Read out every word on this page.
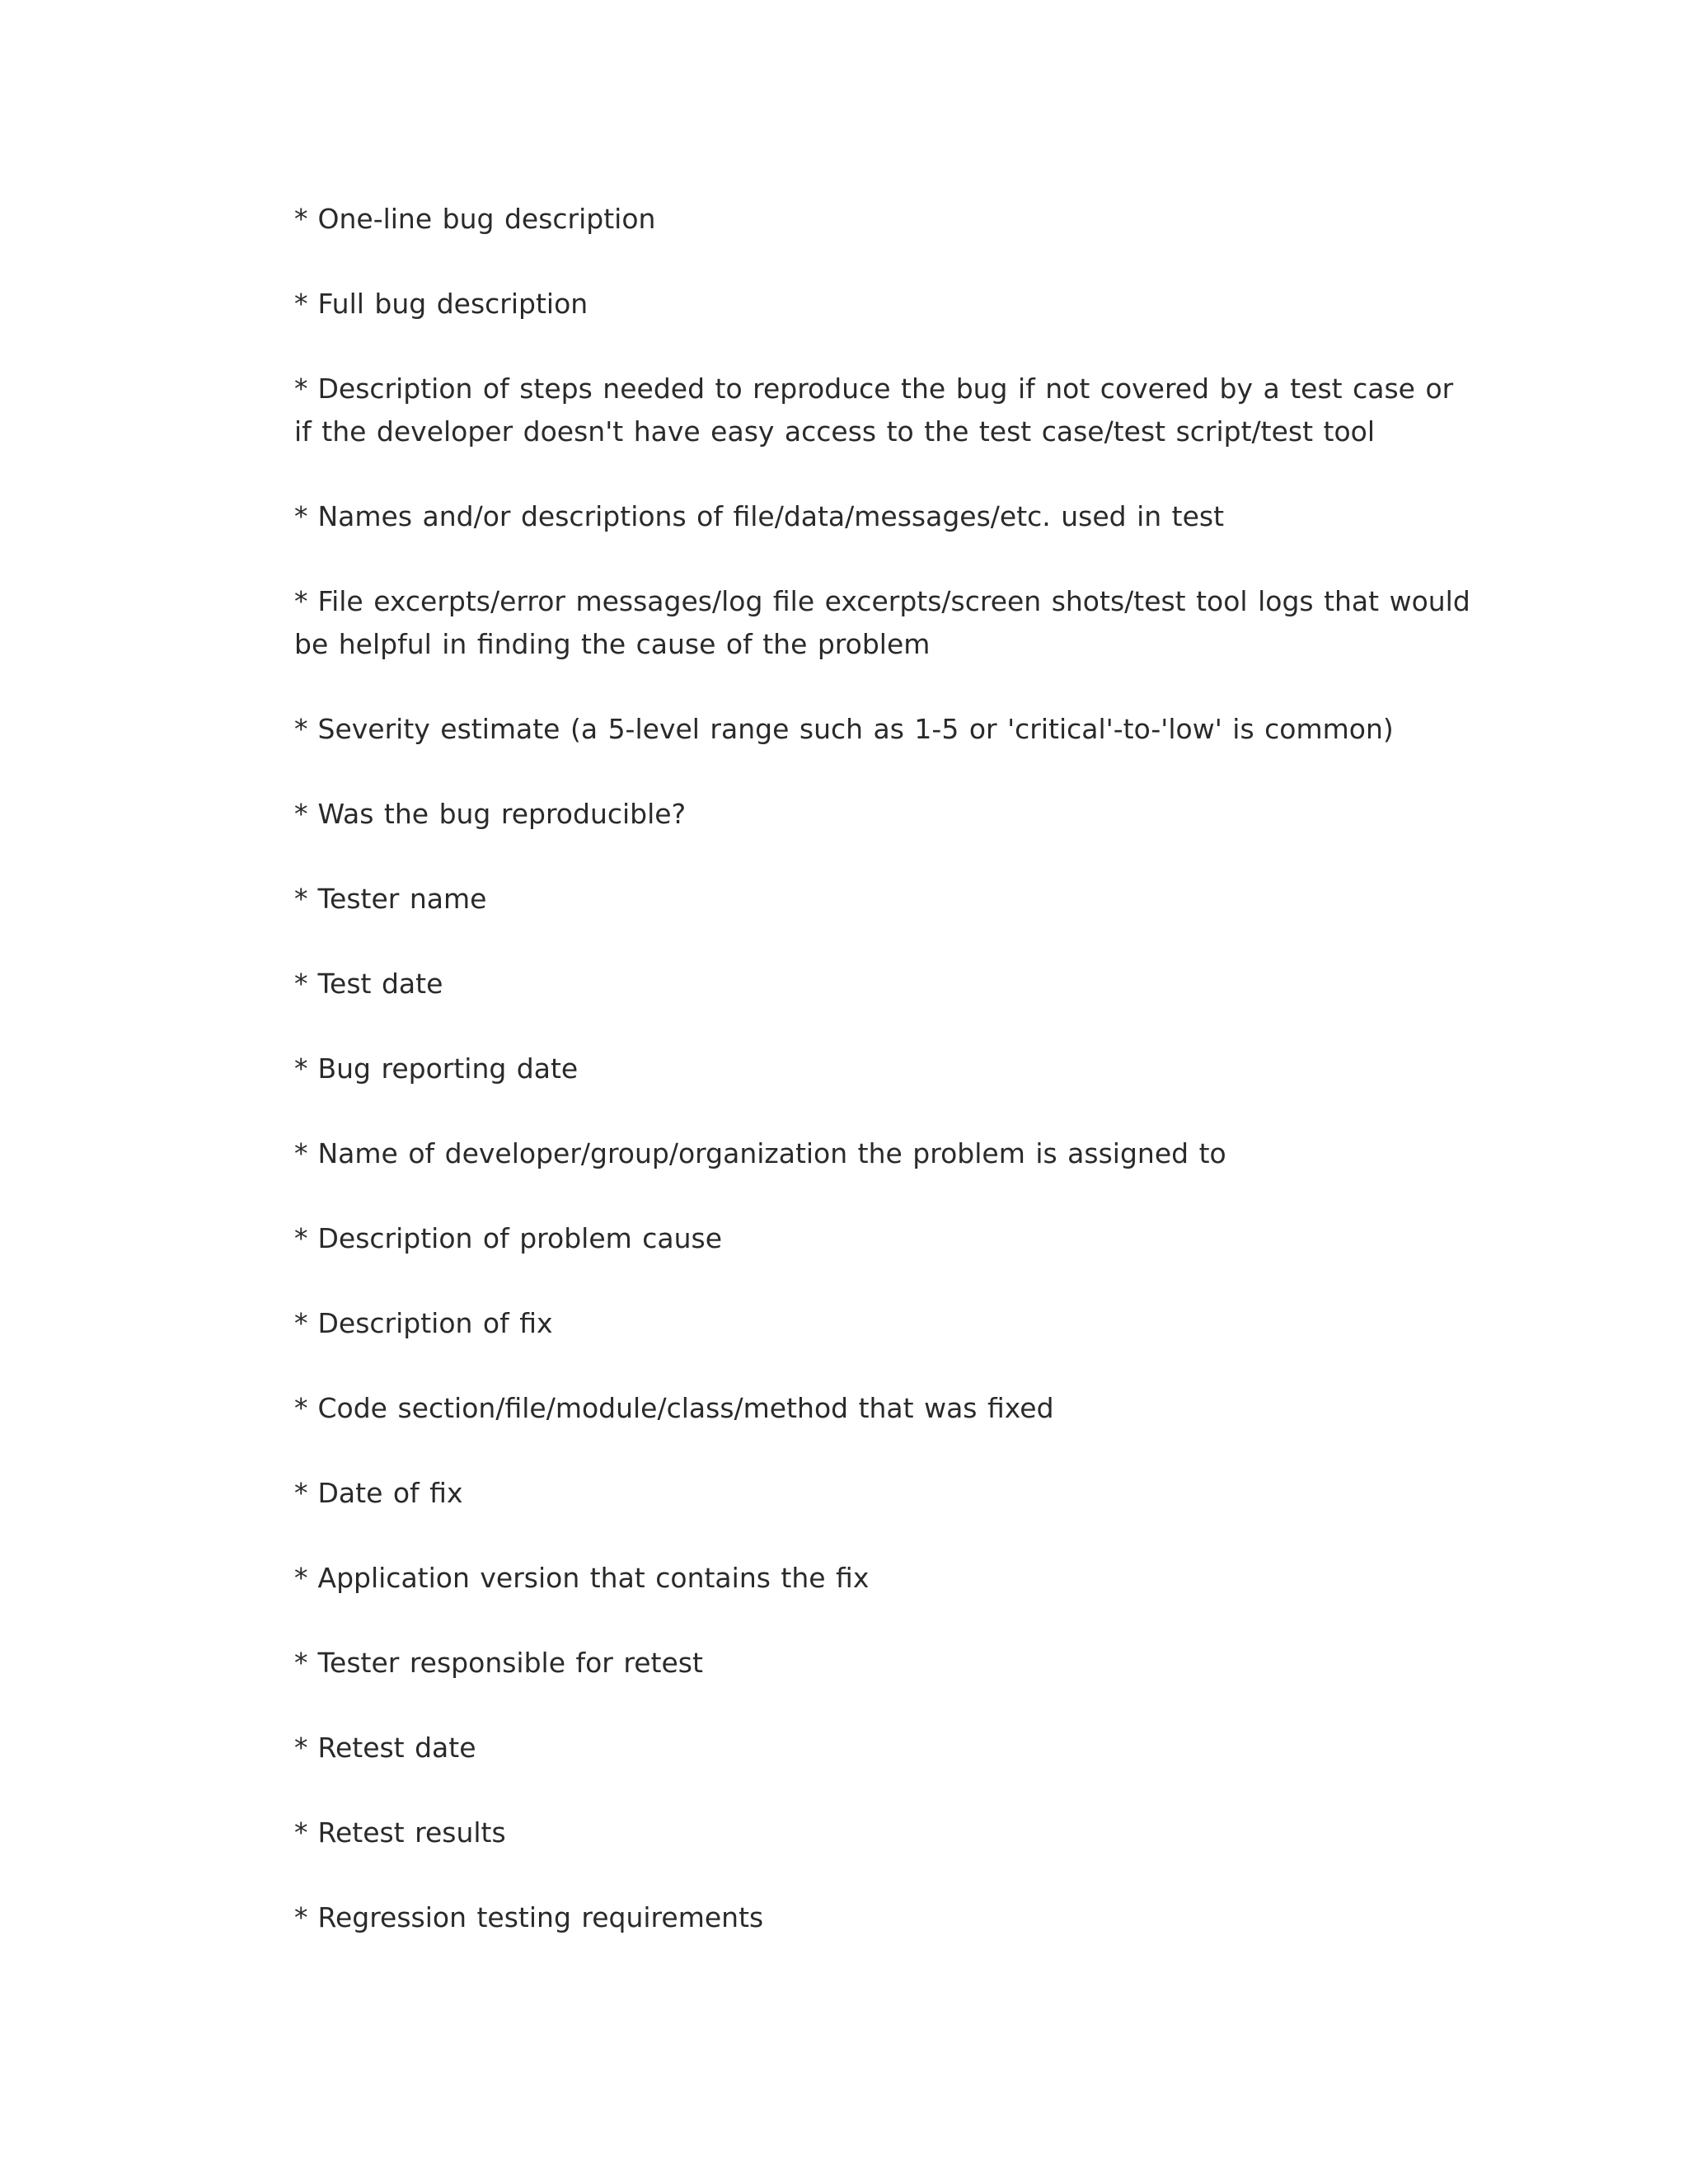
* One-line bug description
* Full bug description
* Description of steps needed to reproduce the bug if not covered by a test case or if the developer doesn't have easy access to the test case/test script/test tool
* Names and/or descriptions of file/data/messages/etc. used in test
* File excerpts/error messages/log file excerpts/screen shots/test tool logs that would be helpful in finding the cause of the problem
* Severity estimate (a 5-level range such as 1-5 or 'critical'-to-'low' is common)
* Was the bug reproducible?
* Tester name
* Test date
* Bug reporting date
* Name of developer/group/organization the problem is assigned to
* Description of problem cause
* Description of fix
* Code section/file/module/class/method that was fixed
* Date of fix
* Application version that contains the fix
* Tester responsible for retest
* Retest date
* Retest results
* Regression testing requirements
